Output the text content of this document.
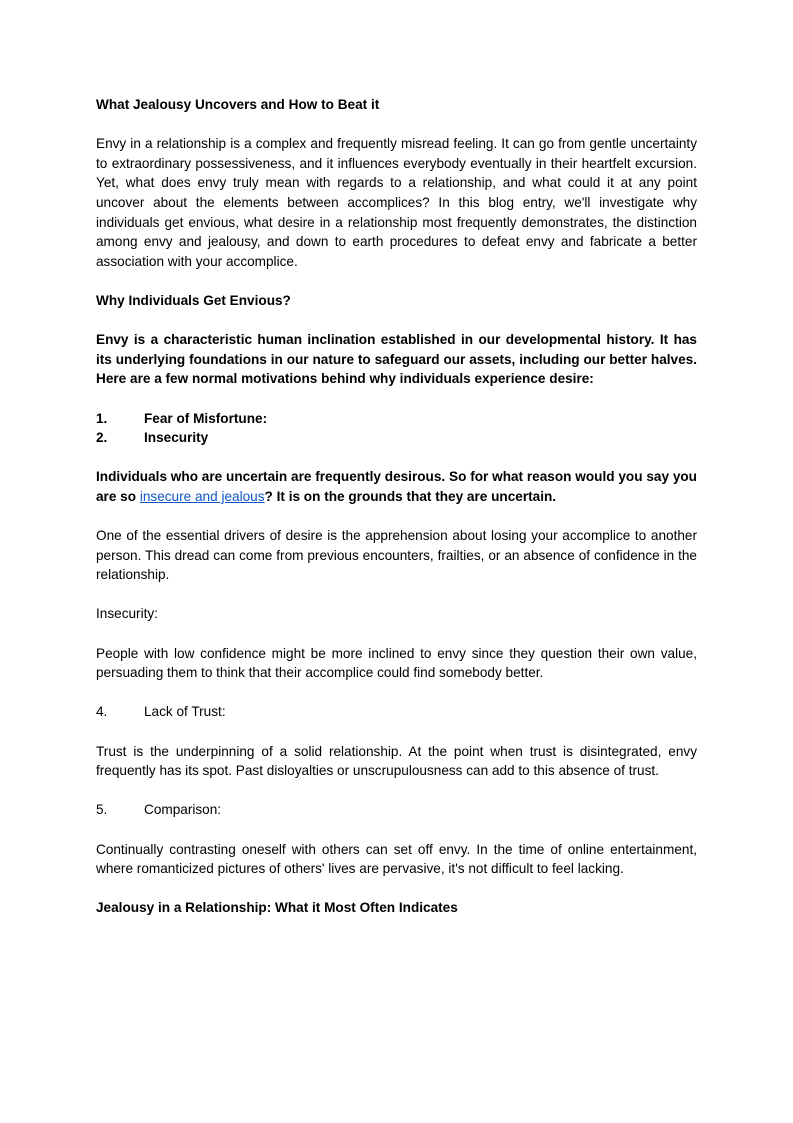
What Jealousy Uncovers and How to Beat it

Envy in a relationship is a complex and frequently misread feeling. It can go from gentle uncertainty to extraordinary possessiveness, and it influences everybody eventually in their heartfelt excursion. Yet, what does envy truly mean with regards to a relationship, and what could it at any point uncover about the elements between accomplices? In this blog entry, we'll investigate why individuals get envious, what desire in a relationship most frequently demonstrates, the distinction among envy and jealousy, and down to earth procedures to defeat envy and fabricate a better association with your accomplice.

Why Individuals Get Envious?

Envy is a characteristic human inclination established in our developmental history. It has its underlying foundations in our nature to safeguard our assets, including our better halves. Here are a few normal motivations behind why individuals experience desire:

1.	Fear of Misfortune:
2.	Insecurity

Individuals who are uncertain are frequently desirous. So for what reason would you say you are so insecure and jealous? It is on the grounds that they are uncertain.

One of the essential drivers of desire is the apprehension about losing your accomplice to another person. This dread can come from previous encounters, frailties, or an absence of confidence in the relationship.

Insecurity:

People with low confidence might be more inclined to envy since they question their own value, persuading them to think that their accomplice could find somebody better.

4.	Lack of Trust:

Trust is the underpinning of a solid relationship. At the point when trust is disintegrated, envy frequently has its spot. Past disloyalties or unscrupulousness can add to this absence of trust.

5.	Comparison:

Continually contrasting oneself with others can set off envy. In the time of online entertainment, where romanticized pictures of others' lives are pervasive, it's not difficult to feel lacking.

Jealousy in a Relationship: What it Most Often Indicates
